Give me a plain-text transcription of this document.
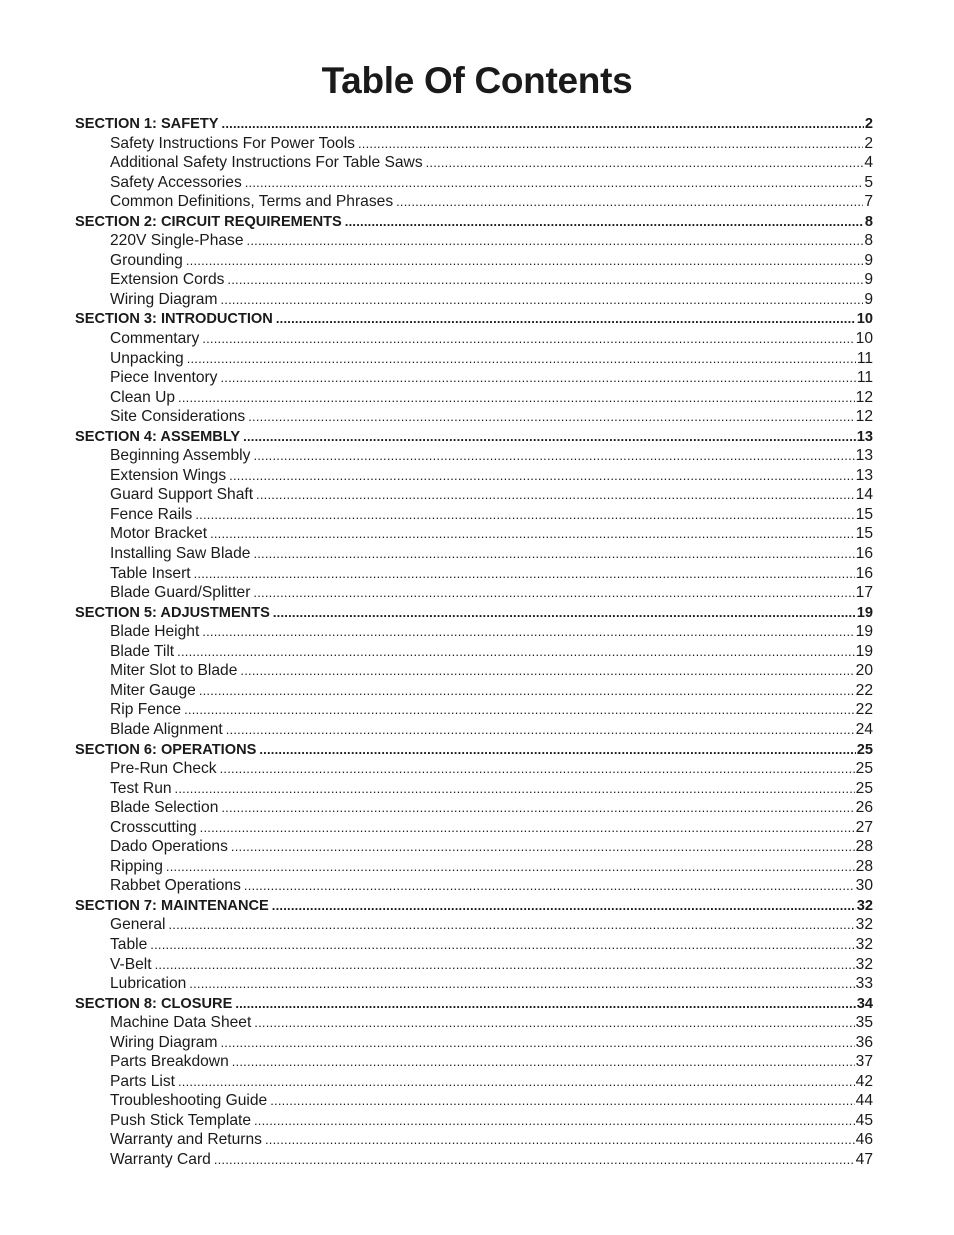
Table Of Contents
SECTION 1: SAFETY .....	2
Safety Instructions For Power Tools .....	2
Additional Safety Instructions For Table Saws .....	4
Safety Accessories .....	5
Common Definitions, Terms and Phrases .....	7
SECTION 2: CIRCUIT REQUIREMENTS .....	8
220V Single-Phase .....	8
Grounding .....	9
Extension Cords .....	9
Wiring Diagram .....	9
SECTION 3: INTRODUCTION .....	10
Commentary .....	10
Unpacking .....	11
Piece Inventory .....	11
Clean Up .....	12
Site Considerations .....	12
SECTION 4: ASSEMBLY .....	13
Beginning Assembly .....	13
Extension Wings .....	13
Guard Support Shaft .....	14
Fence Rails .....	15
Motor Bracket .....	15
Installing Saw Blade .....	16
Table Insert .....	16
Blade Guard/Splitter .....	17
SECTION 5: ADJUSTMENTS .....	19
Blade Height .....	19
Blade Tilt .....	19
Miter Slot to Blade .....	20
Miter Gauge .....	22
Rip Fence .....	22
Blade Alignment .....	24
SECTION 6: OPERATIONS .....	25
Pre-Run Check .....	25
Test Run .....	25
Blade Selection .....	26
Crosscutting .....	27
Dado Operations .....	28
Ripping .....	28
Rabbet Operations .....	30
SECTION 7: MAINTENANCE .....	32
General .....	32
Table .....	32
V-Belt .....	32
Lubrication .....	33
SECTION 8: CLOSURE .....	34
Machine Data Sheet .....	35
Wiring Diagram .....	36
Parts Breakdown .....	37
Parts List .....	42
Troubleshooting Guide .....	44
Push Stick Template .....	45
Warranty and Returns .....	46
Warranty Card .....	47
